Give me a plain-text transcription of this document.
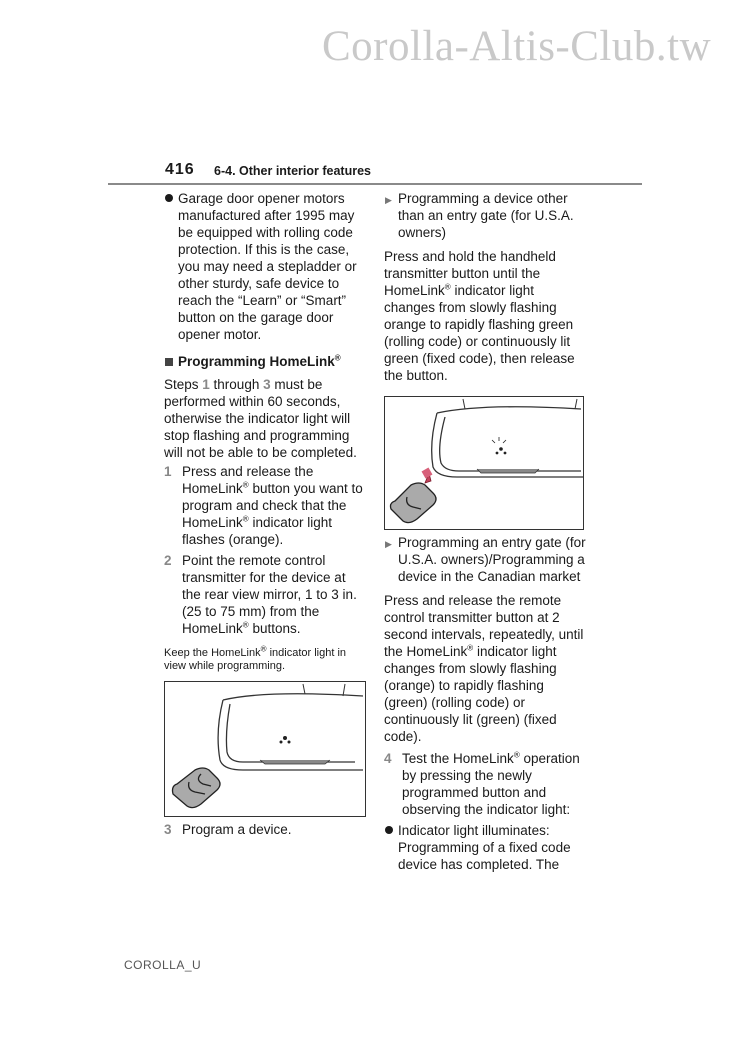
Corolla-Altis-Club.tw
416 6-4. Other interior features
Garage door opener motors manufactured after 1995 may be equipped with rolling code protection. If this is the case, you may need a stepladder or other sturdy, safe device to reach the “Learn” or “Smart” button on the garage door opener motor.
Programming HomeLink®

Steps 1 through 3 must be performed within 60 seconds, otherwise the indicator light will stop flashing and programming will not be able to be completed.

1 Press and release the HomeLink® button you want to program and check that the HomeLink® indicator light flashes (orange).
2 Point the remote control transmitter for the device at the rear view mirror, 1 to 3 in. (25 to 75 mm) from the HomeLink® buttons.

Keep the HomeLink® indicator light in view while programming.

3 Program a device.
▶ Programming a device other than an entry gate (for U.S.A. owners)

Press and hold the handheld transmitter button until the HomeLink® indicator light changes from slowly flashing orange to rapidly flashing green (rolling code) or continuously lit green (fixed code), then release the button.

▶ Programming an entry gate (for U.S.A. owners)/Programming a device in the Canadian market

Press and release the remote control transmitter button at 2 second intervals, repeatedly, until the HomeLink® indicator light changes from slowly flashing (orange) to rapidly flashing (green) (rolling code) or continuously lit (green) (fixed code).

4 Test the HomeLink® operation by pressing the newly programmed button and observing the indicator light:
Indicator light illuminates: Programming of a fixed code device has completed. The
COROLLA_U
